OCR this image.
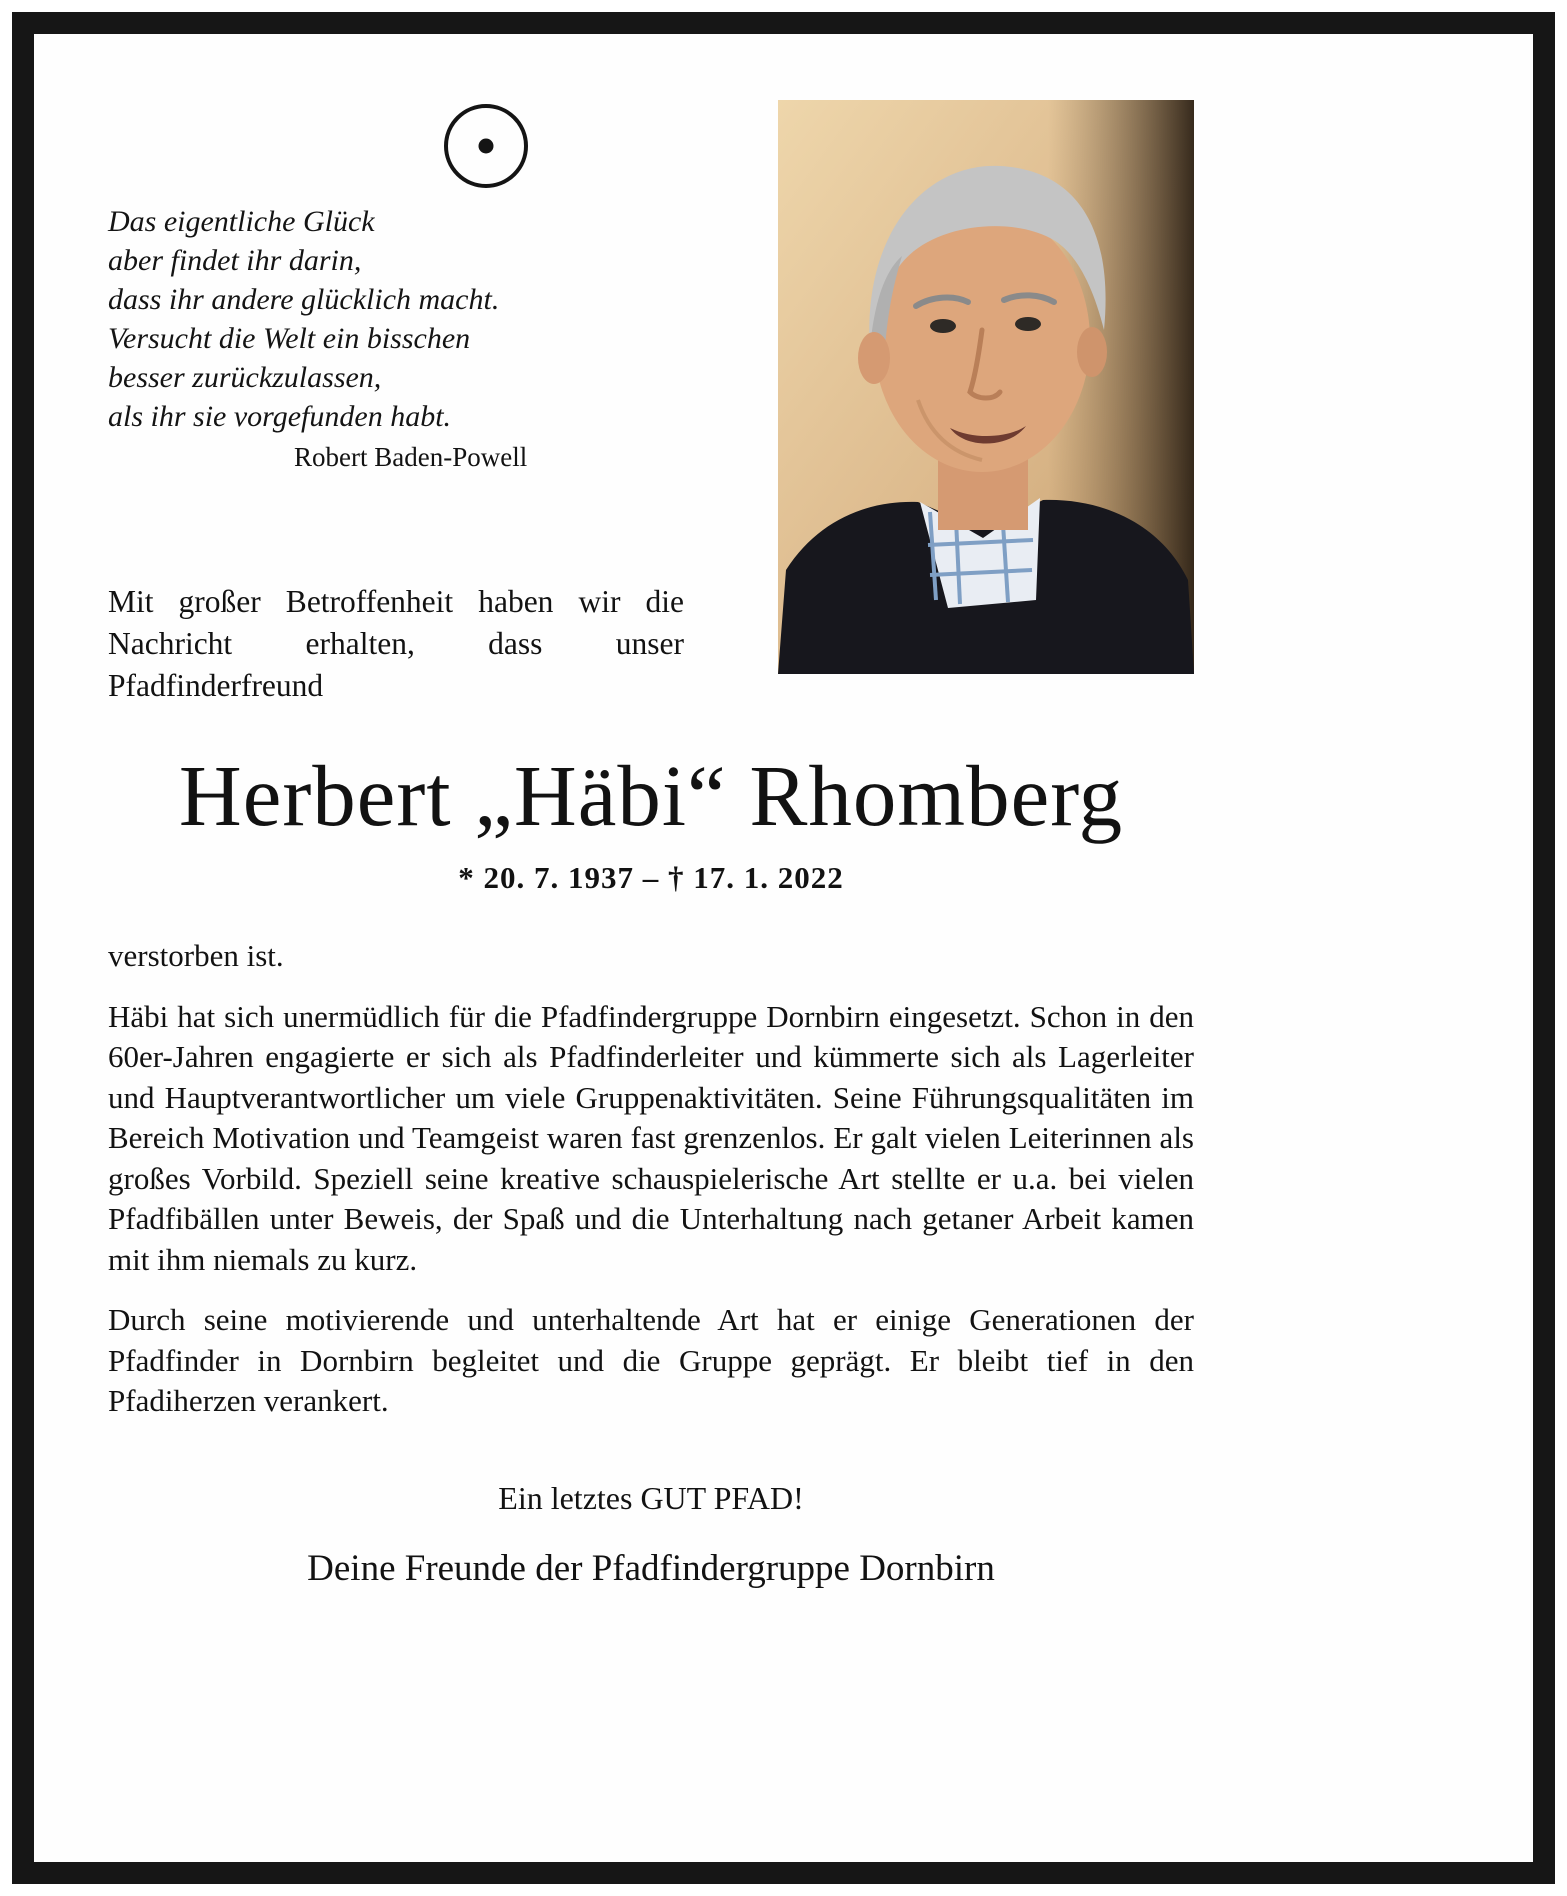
Das eigentliche Glück
aber findet ihr darin,
dass ihr andere glücklich macht.
Versucht die Welt ein bisschen
besser zurückzulassen,
als ihr sie vorgefunden habt.
Robert Baden-Powell

Mit großer Betroffenheit haben wir die Nachricht erhalten, dass unser Pfadfinderfreund

Herbert „Häbi“ Rhomberg
* 20. 7. 1937 – † 17. 1. 2022

verstorben ist.

Häbi hat sich unermüdlich für die Pfadfindergruppe Dornbirn eingesetzt. Schon in den 60er-Jahren engagierte er sich als Pfadfinderleiter und kümmerte sich als Lagerleiter und Hauptverantwortlicher um viele Gruppenaktivitäten. Seine Führungsqualitäten im Bereich Motivation und Teamgeist waren fast grenzenlos. Er galt vielen Leiterinnen als großes Vorbild. Speziell seine kreative schauspielerische Art stellte er u.a. bei vielen Pfadfibällen unter Beweis, der Spaß und die Unterhaltung nach getaner Arbeit kamen mit ihm niemals zu kurz.

Durch seine motivierende und unterhaltende Art hat er einige Generationen der Pfadfinder in Dornbirn begleitet und die Gruppe geprägt. Er bleibt tief in den Pfadiherzen verankert.

Ein letztes GUT PFAD!

Deine Freunde der Pfadfindergruppe Dornbirn
